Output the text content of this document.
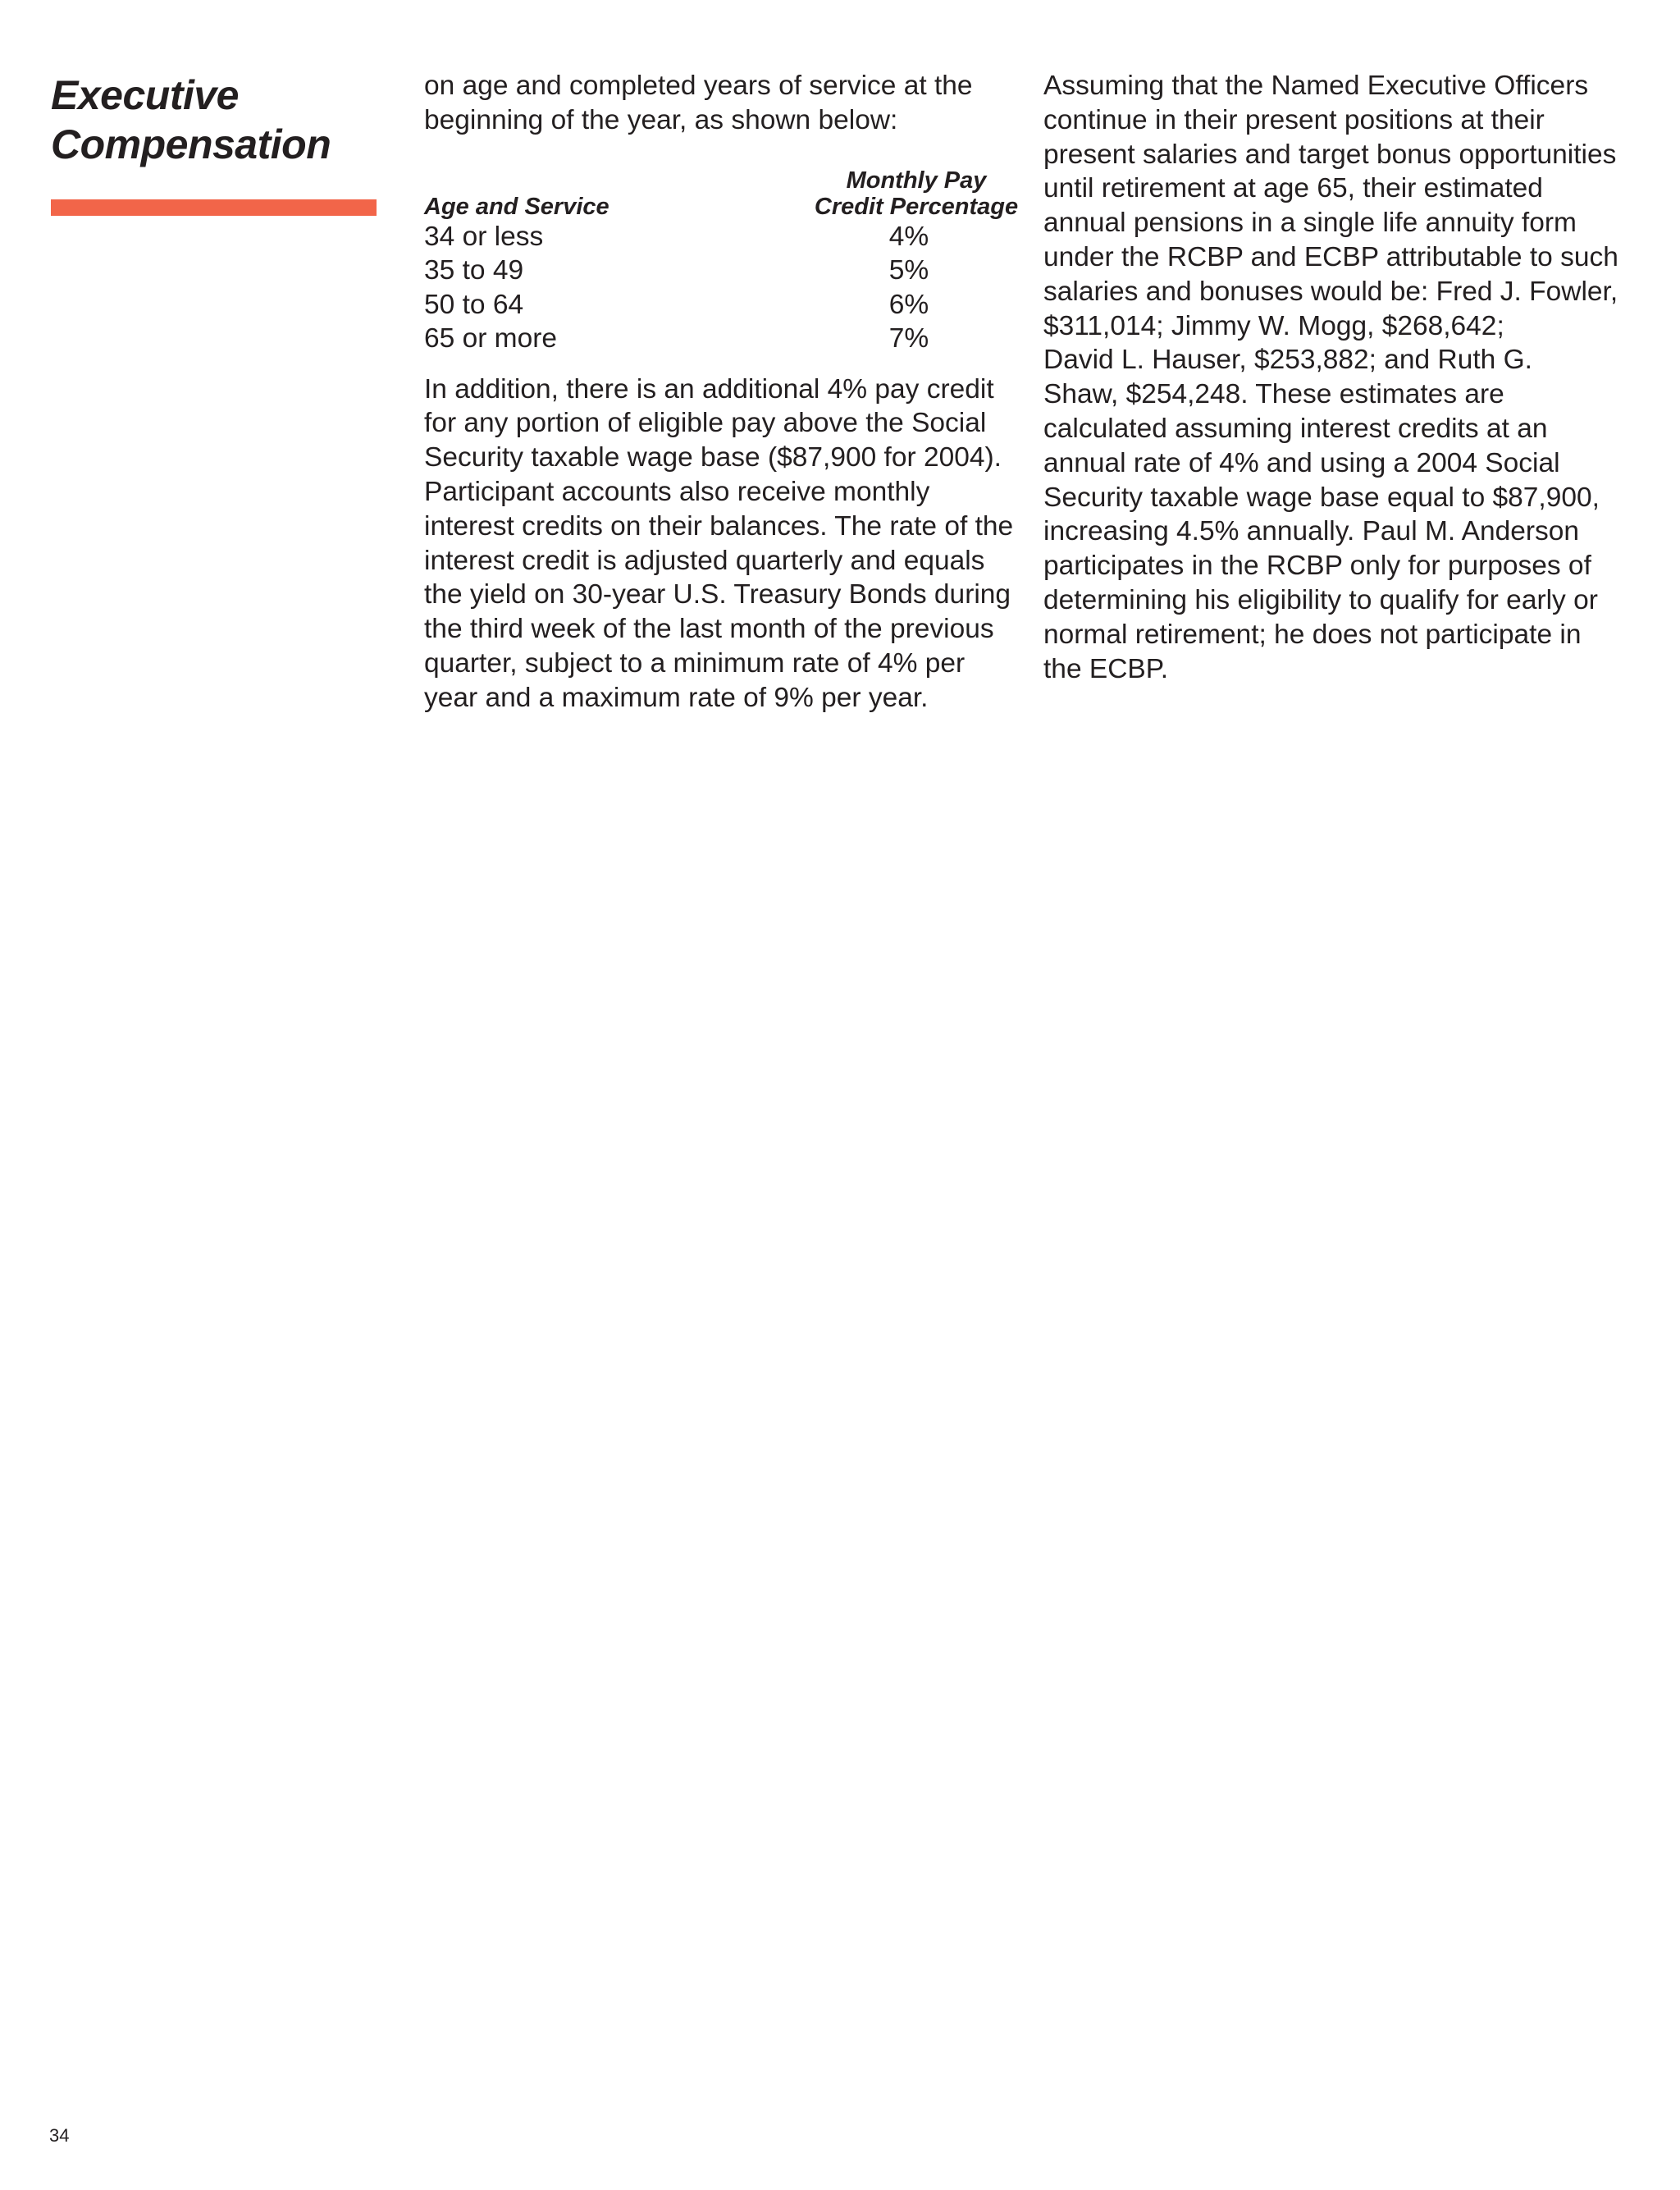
Executive
Compensation

on age and completed years of service at the

beginning of the year, as shown below:

Age and Service	Monthly Pay
Credit Percentage
34 or less	4%
35 to 49	5%
50 to 64	6%
65 or more	7%

In addition, there is an additional 4% pay credit

for any portion of eligible pay above the Social

Security taxable wage base ($87,900 for 2004).

Participant accounts also receive monthly

interest credits on their balances. The rate of the

interest credit is adjusted quarterly and equals

the yield on 30-year U.S. Treasury Bonds during

the third week of the last month of the previous

quarter, subject to a minimum rate of 4% per

year and a maximum rate of 9% per year.

Assuming that the Named Executive Officers

continue in their present positions at their

present salaries and target bonus opportunities

until retirement at age 65, their estimated

annual pensions in a single life annuity form

under the RCBP and ECBP attributable to such

salaries and bonuses would be: Fred J. Fowler,

$311,014; Jimmy W. Mogg, $268,642;

David L. Hauser, $253,882; and Ruth G.

Shaw, $254,248. These estimates are

calculated assuming interest credits at an

annual rate of 4% and using a 2004 Social

Security taxable wage base equal to $87,900,

increasing 4.5% annually. Paul M. Anderson

participates in the RCBP only for purposes of

determining his eligibility to qualify for early or

normal retirement; he does not participate in

the ECBP.

34
